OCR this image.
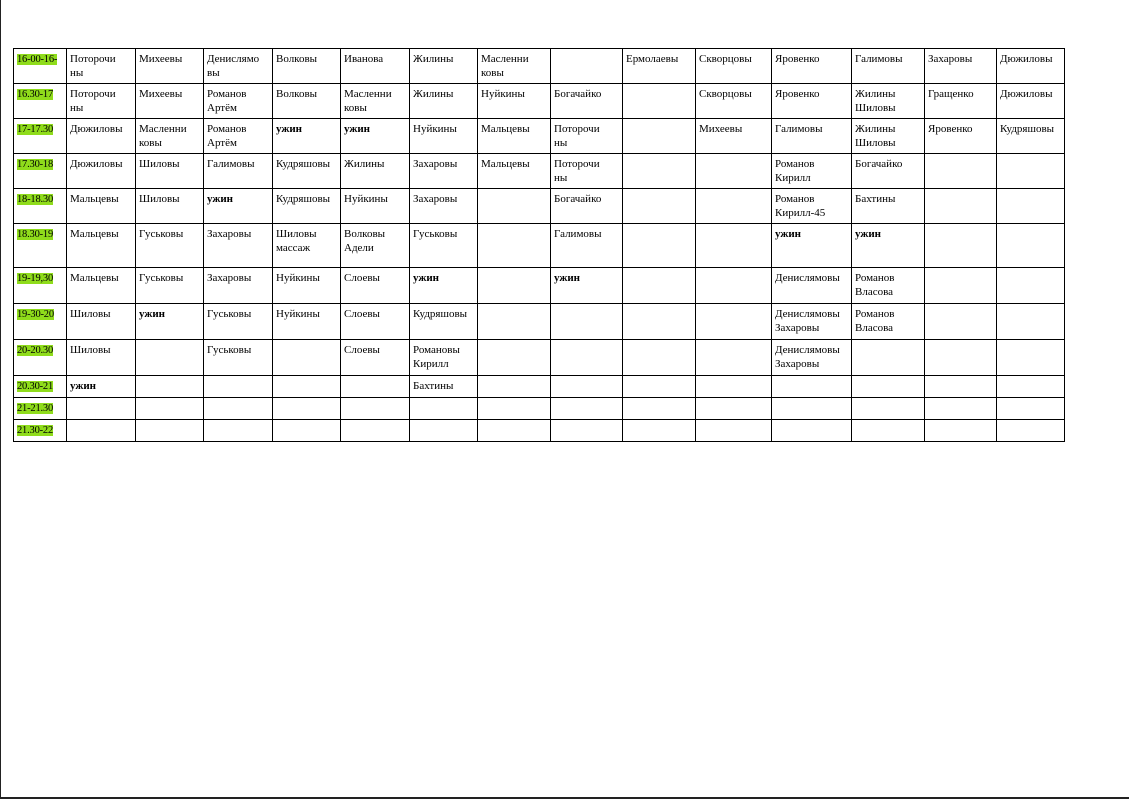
16-00-16-	Поторочи
ны	Михеевы	Денислямо
вы	Волковы	Иванова	Жилины	Масленни
ковы		Ермолаевы	Скворцовы	Яровенко	Галимовы	Захаровы	Дюжиловы
16.30-17	Поторочи
ны	Михеевы	Романов
Артём	Волковы	Масленни
ковы	Жилины	Нуйкины	Богачайко		Скворцовы	Яровенко	Жилины
Шиловы	Гращенко	Дюжиловы
17-17.30	Дюжиловы	Масленни
ковы	Романов
Артём	ужин	ужин	Нуйкины	Мальцевы	Поторочи
ны		Михеевы	Галимовы	Жилины
Шиловы	Яровенко	Кудряшовы
17.30-18	Дюжиловы	Шиловы	Галимовы	Кудряшовы	Жилины	Захаровы	Мальцевы	Поторочи
ны			Романов
Кирилл	Богачайко		
18-18.30	Мальцевы	Шиловы	ужин	Кудряшовы	Нуйкины	Захаровы		Богачайко			Романов
Кирилл-45	Бахтины		
18.30-19	Мальцевы	Гуськовы	Захаровы	Шиловы
массаж	Волковы
Адели	Гуськовы		Галимовы			ужин	ужин		
19-19,30	Мальцевы	Гуськовы	Захаровы	Нуйкины	Слоевы	ужин		ужин			Денислямовы	Романов
Власова		
19-30-20	Шиловы	ужин	Гуськовы	Нуйкины	Слоевы	Кудряшовы					Денислямовы
Захаровы	Романов
Власова		
20-20.30	Шиловы		Гуськовы		Слоевы	Романовы
Кирилл					Денислямовы
Захаровы			
20.30-21	ужин					Бахтины								
21-21.30														
21.30-22														
